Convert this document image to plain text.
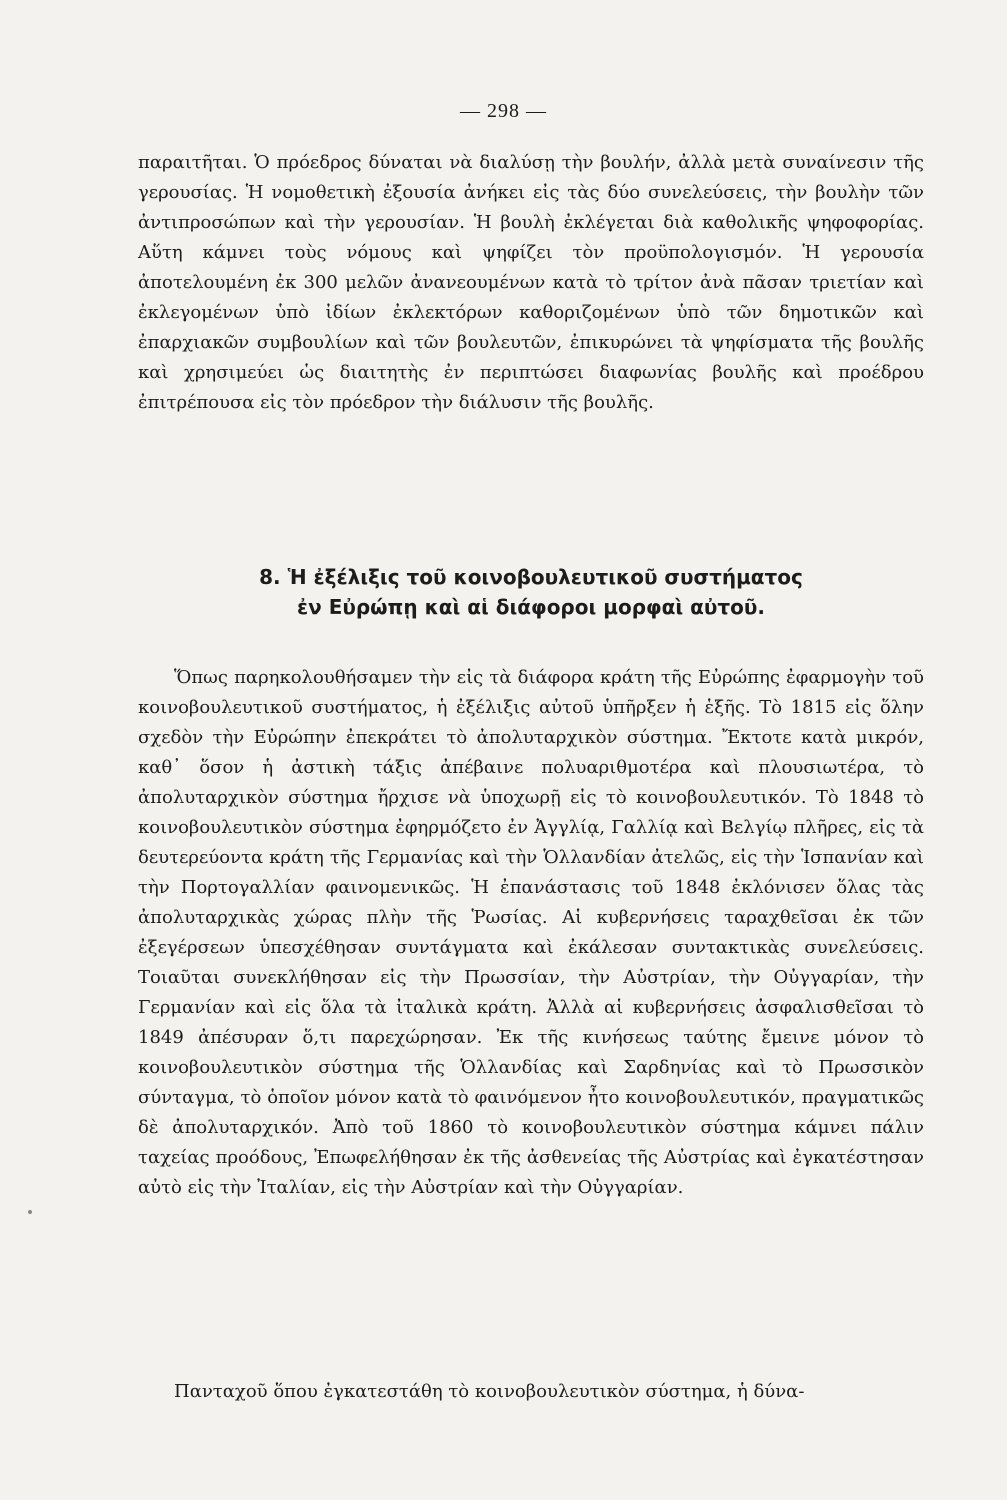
— 298 —
παραιτῆται. Ὁ πρόεδρος δύναται νὰ διαλύσῃ τὴν βουλήν, ἀλλὰ μετὰ συναίνεσιν τῆς γερουσίας. Ἡ νομοθετικὴ ἐξουσία ἀνήκει εἰς τὰς δύο συνελεύσεις, τὴν βουλὴν τῶν ἀντιπροσώπων καὶ τὴν γερουσίαν. Ἡ βουλὴ ἐκλέγεται διὰ καθολικῆς ψηφοφορίας. Αὕτη κάμνει τοὺς νόμους καὶ ψηφίζει τὸν προϋπολογισμόν. Ἡ γερουσία ἀποτελουμένη ἐκ 300 μελῶν ἀνανεουμένων κατὰ τὸ τρίτον ἀνὰ πᾶσαν τριετίαν καὶ ἐκλεγομένων ὑπὸ ἰδίων ἐκλεκτόρων καθοριζομένων ὑπὸ τῶν δημοτικῶν καὶ ἐπαρχιακῶν συμβουλίων καὶ τῶν βουλευτῶν, ἐπικυρώνει τὰ ψηφίσματα τῆς βουλῆς καὶ χρησιμεύει ὡς διαιτητὴς ἐν περιπτώσει διαφωνίας βουλῆς καὶ προέδρου ἐπιτρέπουσα εἰς τὸν πρόεδρον τὴν διάλυσιν τῆς βουλῆς.
8. Ἡ ἐξέλιξις τοῦ κοινοβουλευτικοῦ συστήματος
ἐν Εὐρώπῃ καὶ αἱ διάφοροι μορφαὶ αὐτοῦ.
Ὅπως παρηκολουθήσαμεν τὴν εἰς τὰ διάφορα κράτη τῆς Εὐρώπης ἐφαρμογὴν τοῦ κοινοβουλευτικοῦ συστήματος, ἡ ἐξέλιξις αὐτοῦ ὑπῆρξεν ἡ ἑξῆς. Τὸ 1815 εἰς ὅλην σχεδὸν τὴν Εὐρώπην ἐπεκράτει τὸ ἀπολυταρχικὸν σύστημα. Ἔκτοτε κατὰ μικρόν, καθ᾽ ὅσον ἡ ἀστικὴ τάξις ἀπέβαινε πολυαριθμοτέρα καὶ πλουσιωτέρα, τὸ ἀπολυταρχικὸν σύστημα ἤρχισε νὰ ὑποχωρῇ εἰς τὸ κοινοβουλευτικόν. Τὸ 1848 τὸ κοινοβουλευτικὸν σύστημα ἐφηρμόζετο ἐν Ἀγγλίᾳ, Γαλλίᾳ καὶ Βελγίῳ πλῆρες, εἰς τὰ δευτερεύοντα κράτη τῆς Γερμανίας καὶ τὴν Ὁλλανδίαν ἀτελῶς, εἰς τὴν Ἱσπανίαν καὶ τὴν Πορτογαλλίαν φαινομενικῶς. Ἡ ἐπανάστασις τοῦ 1848 ἐκλόνισεν ὅλας τὰς ἀπολυταρχικὰς χώρας πλὴν τῆς Ῥωσίας. Αἱ κυβερνήσεις ταραχθεῖσαι ἐκ τῶν ἐξεγέρσεων ὑπεσχέθησαν συντάγματα καὶ ἐκάλεσαν συντακτικὰς συνελεύσεις. Τοιαῦται συνεκλήθησαν εἰς τὴν Πρωσσίαν, τὴν Αὐστρίαν, τὴν Οὐγγαρίαν, τὴν Γερμανίαν καὶ εἰς ὅλα τὰ ἰταλικὰ κράτη. Ἀλλὰ αἱ κυβερνήσεις ἀσφαλισθεῖσαι τὸ 1849 ἀπέσυραν ὅ,τι παρεχώρησαν. Ἐκ τῆς κινήσεως ταύτης ἔμεινε μόνον τὸ κοινοβουλευτικὸν σύστημα τῆς Ὁλλανδίας καὶ Σαρδηνίας καὶ τὸ Πρωσσικὸν σύνταγμα, τὸ ὁποῖον μόνον κατὰ τὸ φαινόμενον ἦτο κοινοβουλευτικόν, πραγματικῶς δὲ ἀπολυταρχικόν. Ἀπὸ τοῦ 1860 τὸ κοινοβουλευτικὸν σύστημα κάμνει πάλιν ταχείας προόδους, Ἐπωφελήθησαν ἐκ τῆς ἀσθενείας τῆς Αὐστρίας καὶ ἐγκατέστησαν αὐτὸ εἰς τὴν Ἰταλίαν, εἰς τὴν Αὐστρίαν καὶ τὴν Οὐγγαρίαν.
Πανταχοῦ ὅπου ἐγκατεστάθη τὸ κοινοβουλευτικὸν σύστημα, ἡ δύνα-
